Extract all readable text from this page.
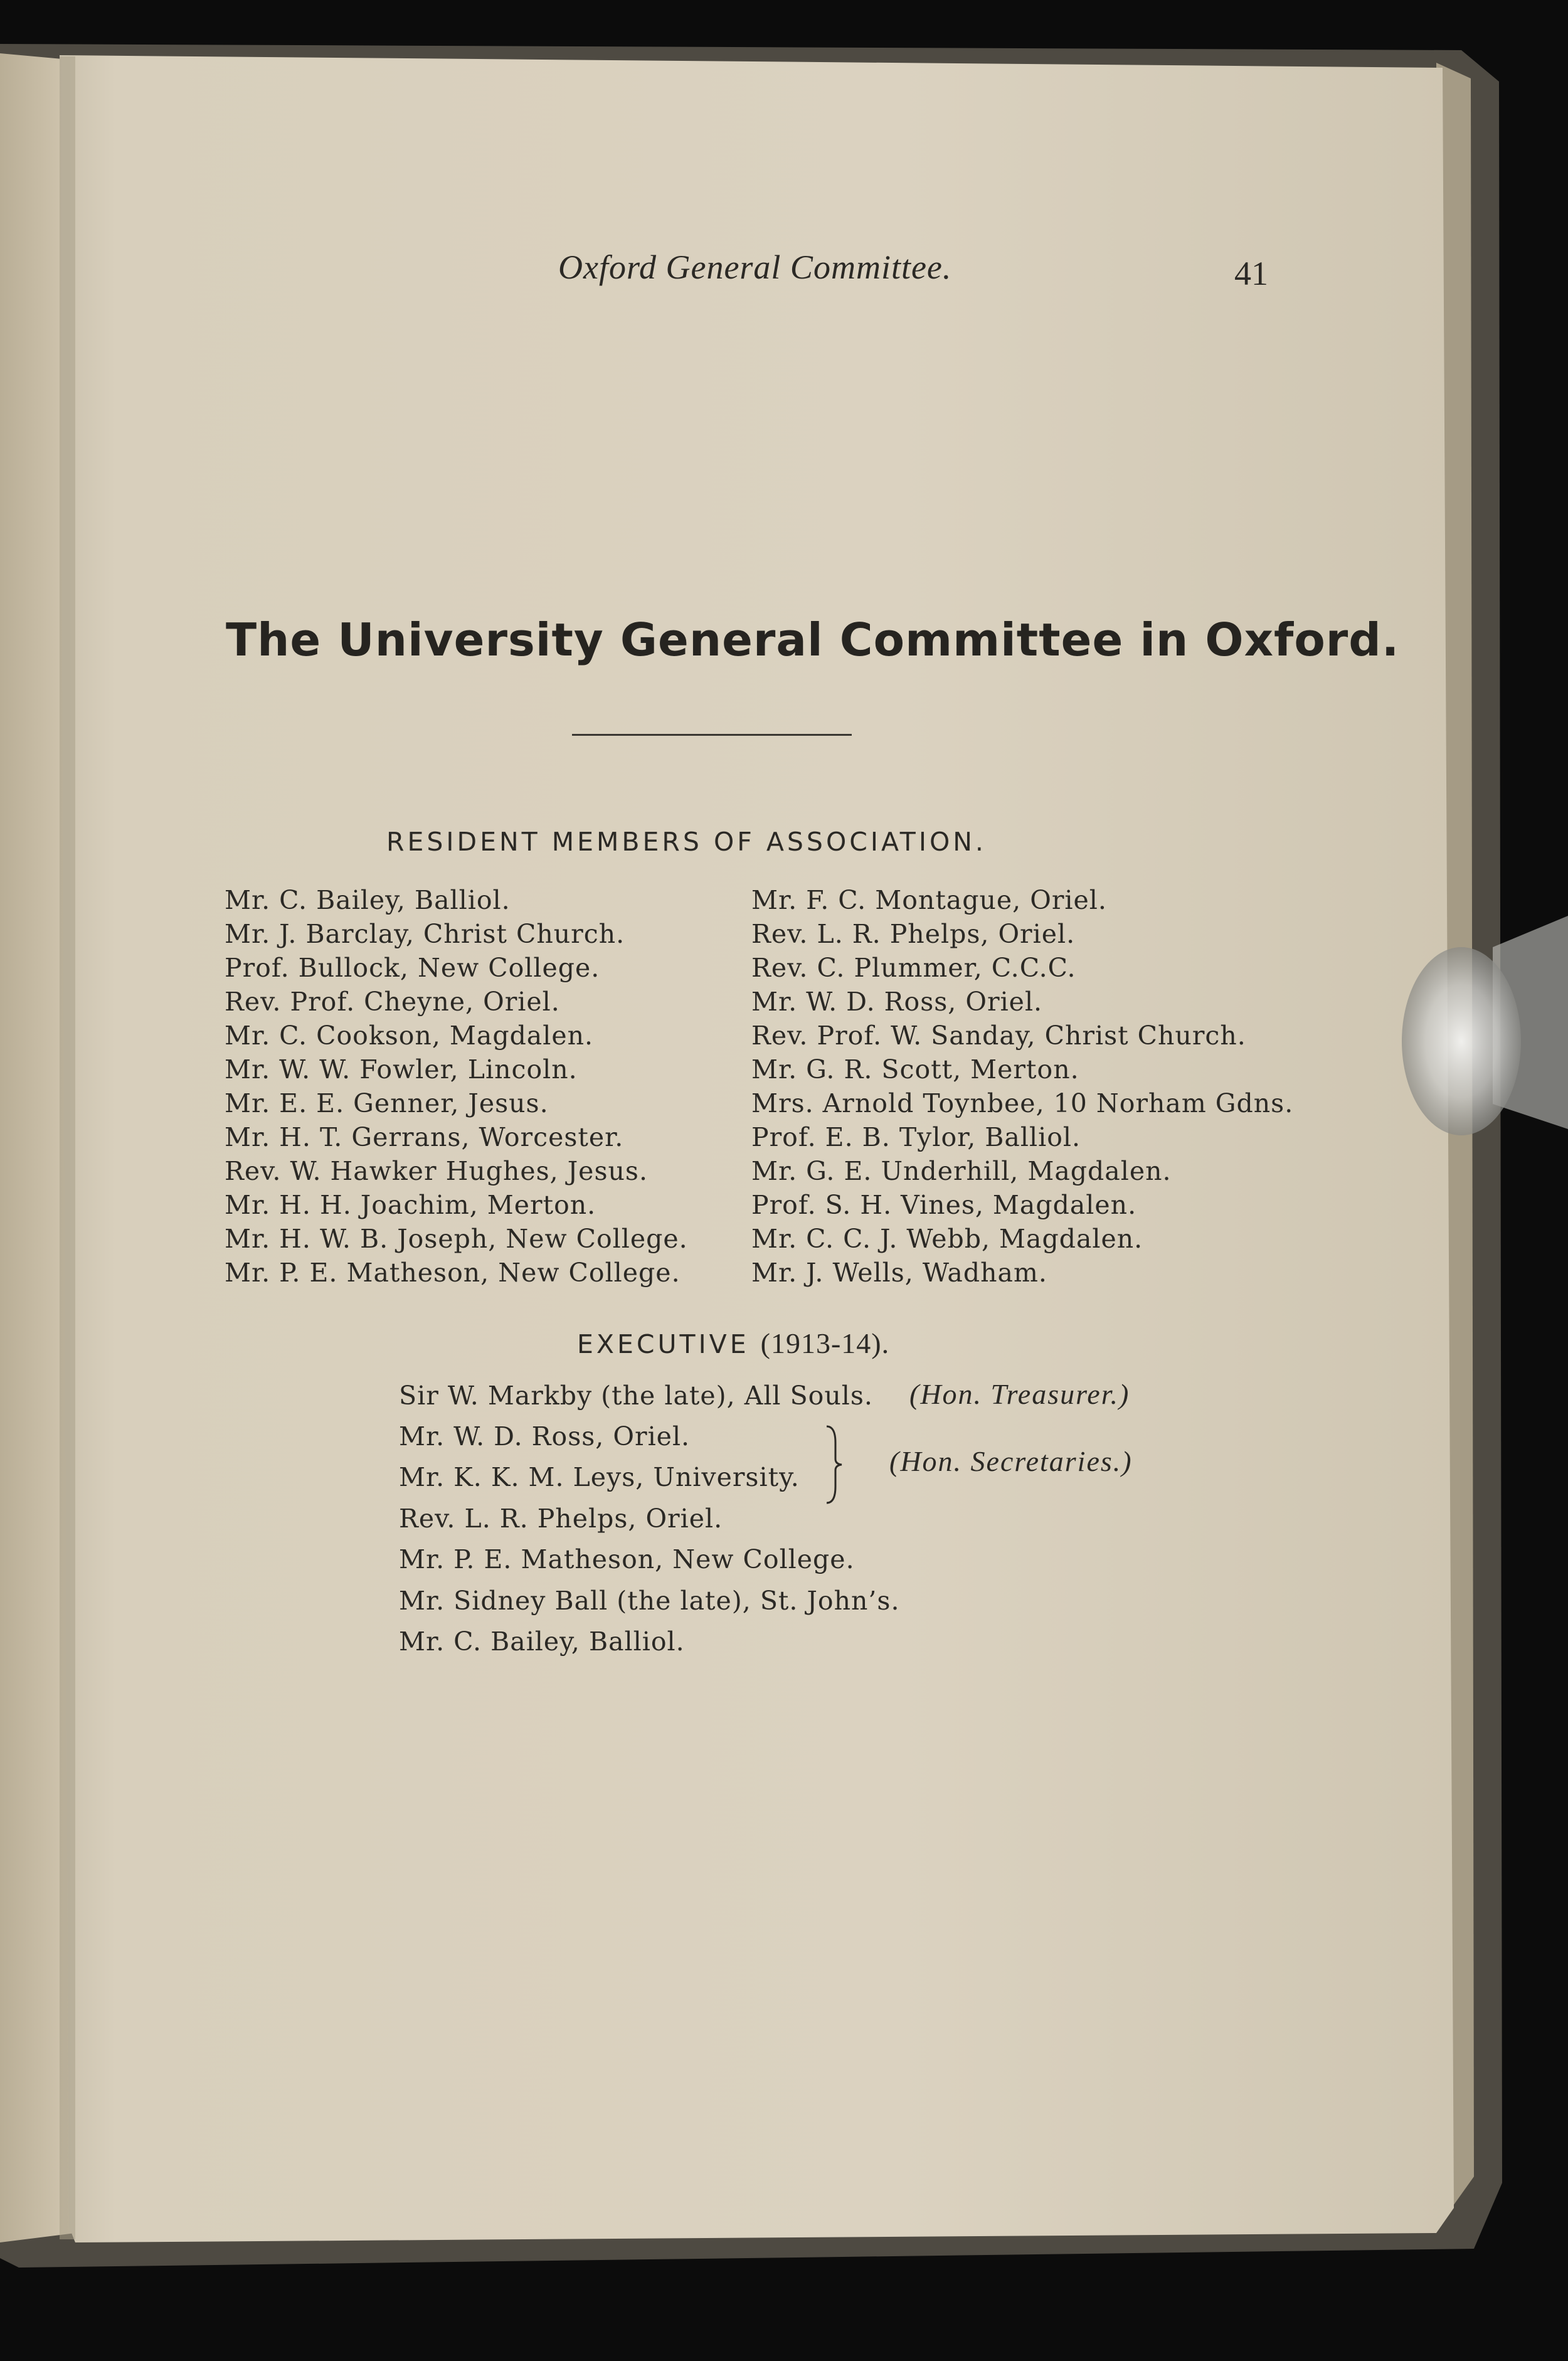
Oxford General Committee.	41
The University General Committee in Oxford.
RESIDENT MEMBERS OF ASSOCIATION.
Mr. C. Bailey, Balliol.
Mr. J. Barclay, Christ Church.
Prof. Bullock, New College.
Rev. Prof. Cheyne, Oriel.
Mr. C. Cookson, Magdalen.
Mr. W. W. Fowler, Lincoln.
Mr. E. E. Genner, Jesus.
Mr. H. T. Gerrans, Worcester.
Rev. W. Hawker Hughes, Jesus.
Mr. H. H. Joachim, Merton.
Mr. H. W. B. Joseph, New College.
Mr. P. E. Matheson, New College.
Mr. F. C. Montague, Oriel.
Rev. L. R. Phelps, Oriel.
Rev. C. Plummer, C.C.C.
Mr. W. D. Ross, Oriel.
Rev. Prof. W. Sanday, Christ Church.
Mr. G. R. Scott, Merton.
Mrs. Arnold Toynbee, 10 Norham Gdns.
Prof. E. B. Tylor, Balliol.
Mr. G. E. Underhill, Magdalen.
Prof. S. H. Vines, Magdalen.
Mr. C. C. J. Webb, Magdalen.
Mr. J. Wells, Wadham.
EXECUTIVE (1913-14).
Sir W. Markby (the late), All Souls. (Hon. Treasurer.)
Mr. W. D. Ross, Oriel.
Mr. K. K. M. Leys, University.	(Hon. Secretaries.)
Rev. L. R. Phelps, Oriel.
Mr. P. E. Matheson, New College.
Mr. Sidney Ball (the late), St. John’s.
Mr. C. Bailey, Balliol.
